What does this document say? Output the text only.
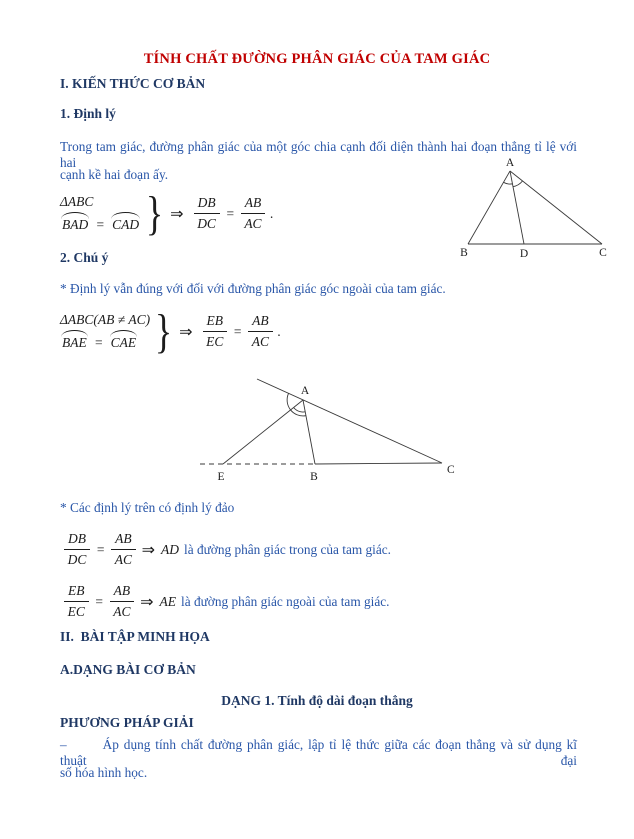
TÍNH CHẤT ĐƯỜNG PHÂN GIÁC CỦA TAM GIÁC
I. KIẾN THỨC CƠ BẢN
1. Định lý
Trong tam giác, đường phân giác của một góc chia cạnh đối diện thành hai đoạn thẳng tỉ lệ với hai
cạnh kề hai đoạn ấy.
ΔABC
BAD = CAD } ⇒ $\frac{DB}{DC} = \frac{AB}{AC}$ .
A
B	D	C
2. Chú ý
* Định lý vẫn đúng với đối với đường phân giác góc ngoài của tam giác.
ΔABC(AB ≠ AC)
BAE = CAE } ⇒ $\frac{EB}{EC} = \frac{AB}{AC}$ .
A
E	B
C
* Các định lý trên có định lý đảo
$\frac{DB}{DC} = \frac{AB}{AC}$ ⇒ AD là đường phân giác trong của tam giác.
$\frac{EB}{EC} = \frac{AB}{AC}$ ⇒ AE là đường phân giác ngoài của tam giác.
II.  BÀI TẬP MINH HỌA
A.DẠNG BÀI CƠ BẢN
DẠNG 1. Tính độ dài đoạn thẳng
PHƯƠNG PHÁP GIẢI
–	Áp dụng tính chất đường phân giác, lập tỉ lệ thức giữa các đoạn thẳng và sử dụng kĩ thuật đại
số hóa hình học.
